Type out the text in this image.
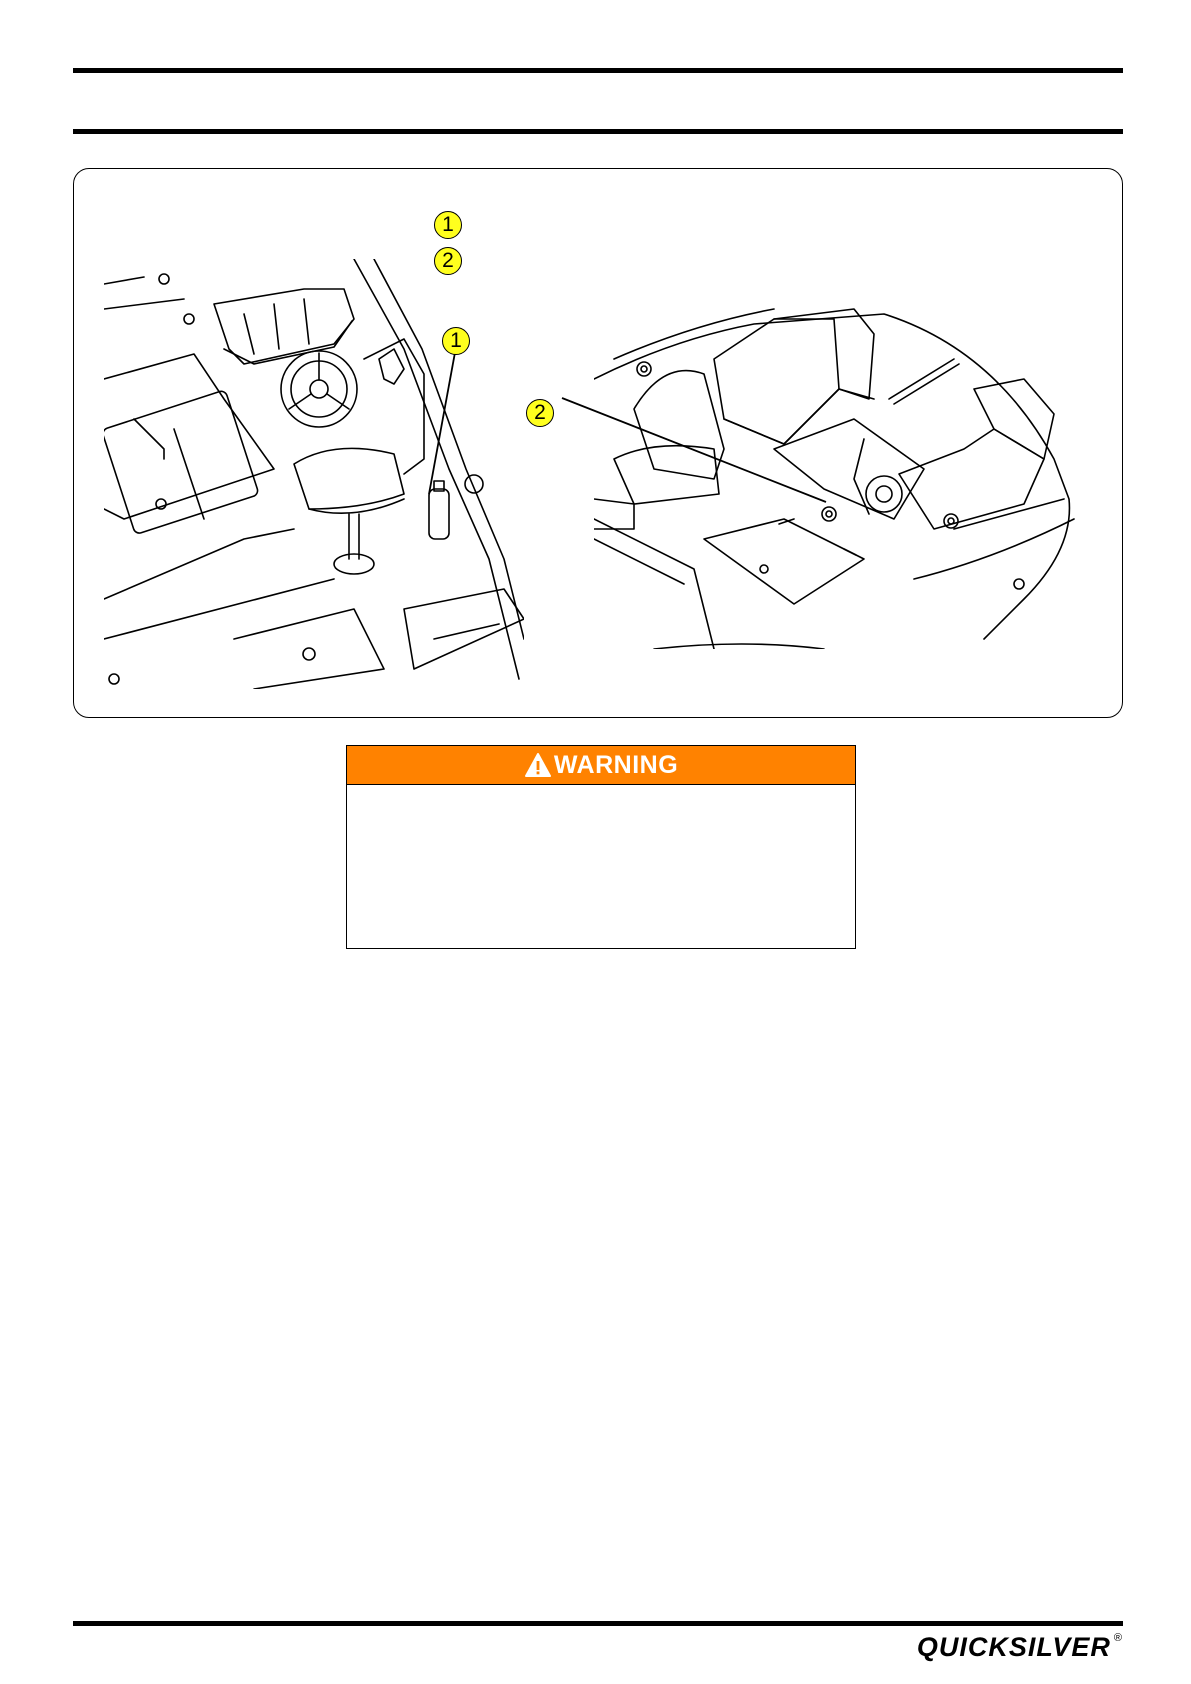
1
2
1
2
WARNING
QUICKSILVER ®
